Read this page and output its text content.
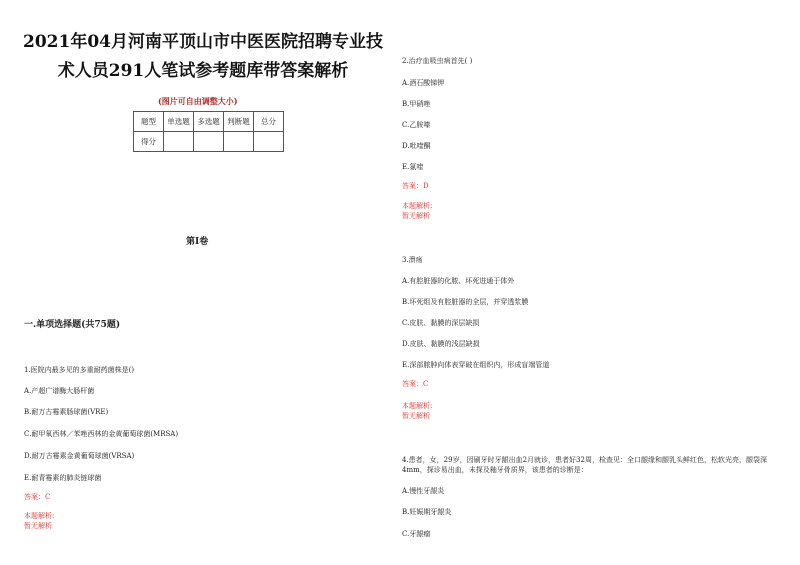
2021年04月河南平顶山市中医医院招聘专业技
术人员291人笔试参考题库带答案解析
(图片可自由调整大小)
题型	单选题	多选题	判断题	总分
得分				
第I卷
一.单项选择题(共75题)
1.医院内最多见的多重耐药菌株是()
A.产超广谱酶大肠杆菌
B.耐万古霉素肠球菌(VRE)
C.耐甲氧西林／苯唑西林的金黄葡萄球菌(MRSA)
D.耐万古霉素金黄葡萄球菌(VRSA)
E.耐青霉素的肺炎链球菌
答案：C
本题解析:
暂无解析
2.治疗血吸虫病首先( )
A.酒石酸锑钾
B.甲硝唑
C.乙胺嗪
D.吡喹酮
E.氯喹
答案：D
本题解析:
暂无解析
3.溃疡
A.有腔脏器的化脓、坏死进通于体外
B.坏死组及有腔脏器的全层，并穿透浆膜
C.皮肤、黏膜的深层缺损
D.皮肤、黏膜的浅层缺损
E.深部脓肿向体表穿破在组织内，形成盲端管道
答案：C
本题解析:
暂无解析
4.患者，女，29岁，因刷牙时牙龈出血2月就诊，患者好32周，检查见：全口龈缘和龈乳头鲜红色，松软光亮，龈袋深4mm，探诊易出血，未探及釉牙骨质界，该患者的诊断是：
A.慢性牙龈炎
B.妊娠期牙龈炎
C.牙龈瘤
